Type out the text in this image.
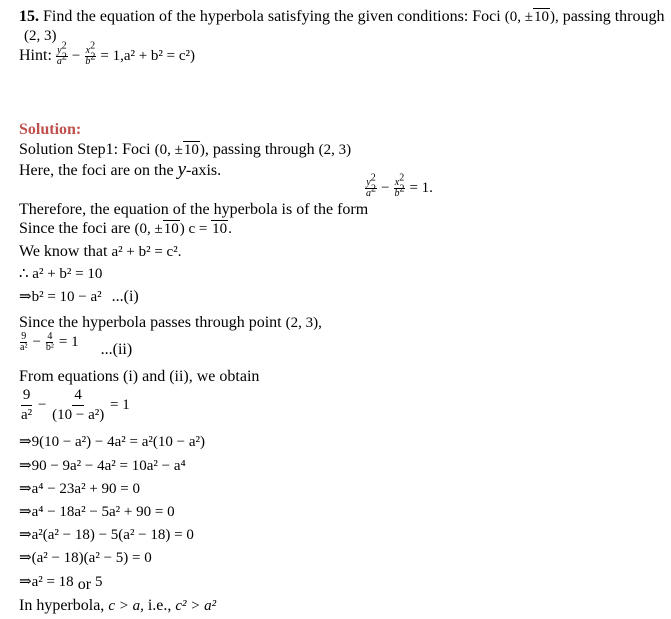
15. Find the equation of the hyperbola satisfying the given conditions: Foci (0, ±10), passing through
(2, 3)
Hint: $\frac{y^2}{a^2} - \frac{x^2}{b^2} = 1,a^2 + b^2 = c^2$)
Solution:
Solution Step1: Foci (0, ±10), passing through (2, 3)
Here, the foci are on the y-axis.
$\frac{y^2}{a^2} - \frac{x^2}{b^2} = 1$.
Therefore, the equation of the hyperbola is of the form
Since the foci are (0, ±10) c = 10.
We know that a² + b² = c².
∴ a² + b² = 10
⇒b² = 10 − a² ...(i)
Since the hyperbola passes through point (2, 3),
$\frac{9}{\text{a²}} - \frac{4}{\text{b²}} = 1$ ...(ii)
From equations (i) and (ii), we obtain
$\frac{9}{\text{a²}} - \frac{4}{\text{(10 − a²)}} = 1$
⇒9(10 − a²) − 4a² = a²(10 − a²)
⇒90 − 9a² − 4a² = 10a² − a⁴
⇒a⁴ − 23a² + 90 = 0
⇒a⁴ − 18a² − 5a² + 90 = 0
⇒a²(a² − 18) − 5(a² − 18) = 0
⇒(a² − 18)(a² − 5) = 0
⇒a² = 18 or 5
In hyperbola, c > a, i.e., c² > a²
